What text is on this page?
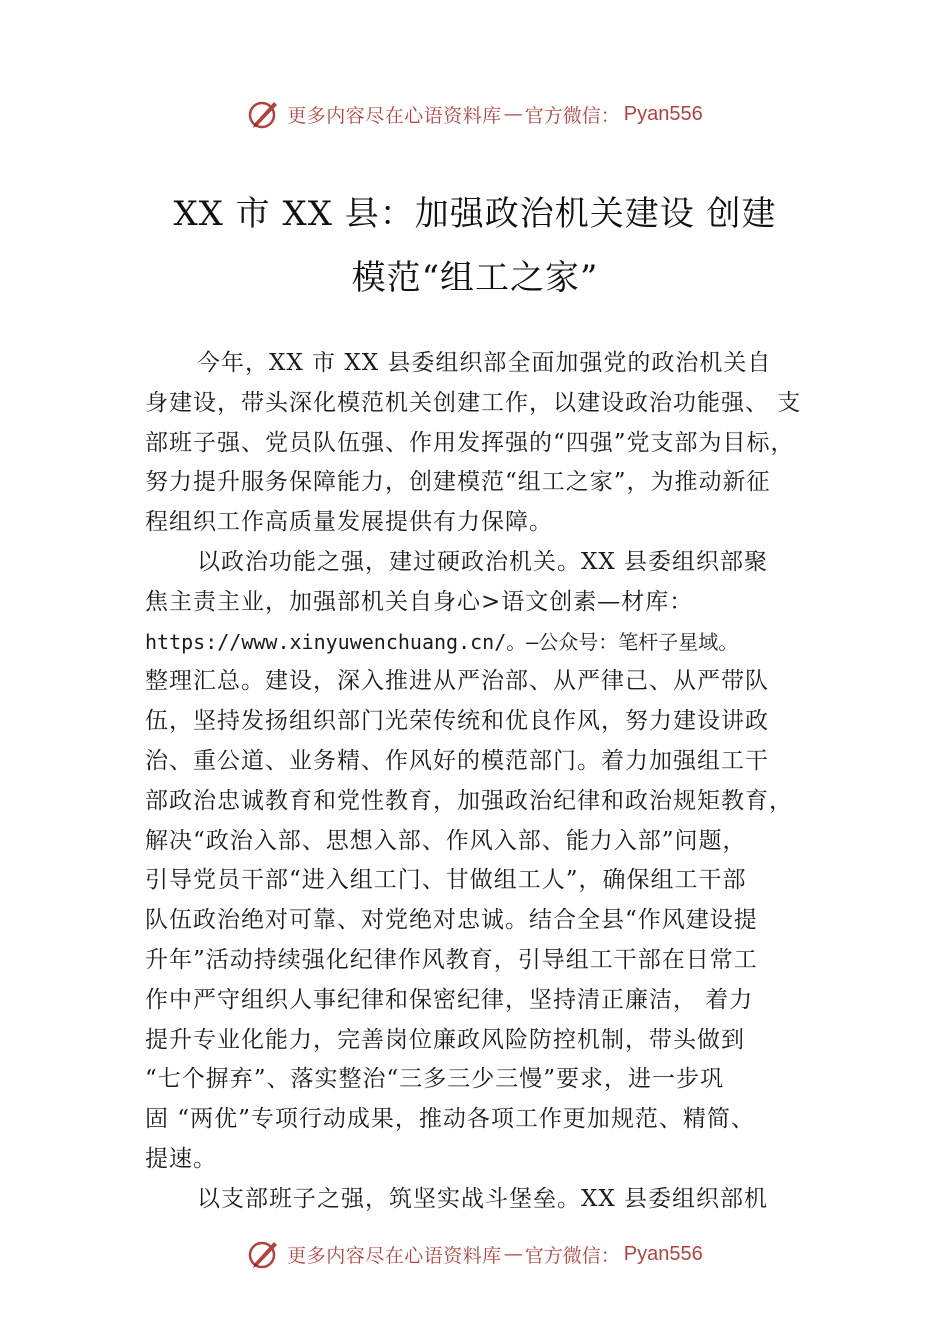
更多内容尽在心语资料库 — 官方微信： Pyan556
XX 市 XX 县：加强政治机关建设 创建
模范“组工之家”
今年，XX 市 XX 县委组织部全面加强党的政治机关自
身建设，带头深化模范机关创建工作，以建设政治功能强、 支
部班子强、党员队伍强、作用发挥强的“四强”党支部为目标，
努力提升服务保障能力，创建模范“组工之家”，为推动新征
程组织工作高质量发展提供有力保障。
以政治功能之强，建过硬政治机关。XX 县委组织部聚
焦主责主业，加强部机关自身心>语文创素—材库：
https://www.xinyuwenchuang.cn/。—公众号：笔杆子星域。
整理汇总。建设，深入推进从严治部、从严律己、从严带队
伍，坚持发扬组织部门光荣传统和优良作风，努力建设讲政
治、重公道、业务精、作风好的模范部门。着力加强组工干
部政治忠诚教育和党性教育，加强政治纪律和政治规矩教育，
解决“政治入部、思想入部、作风入部、能力入部”问题，
引导党员干部“进入组工门、甘做组工人”，确保组工干部
队伍政治绝对可靠、对党绝对忠诚。结合全县“作风建设提
升年”活动持续强化纪律作风教育，引导组工干部在日常工
作中严守组织人事纪律和保密纪律，坚持清正廉洁， 着力
提升专业化能力，完善岗位廉政风险防控机制，带头做到
“七个摒弃”、落实整治“三多三少三慢”要求，进一步巩
固 “两优”专项行动成果，推动各项工作更加规范、精简、
提速。
以支部班子之强，筑坚实战斗堡垒。XX 县委组织部机
更多内容尽在心语资料库 — 官方微信： Pyan556
